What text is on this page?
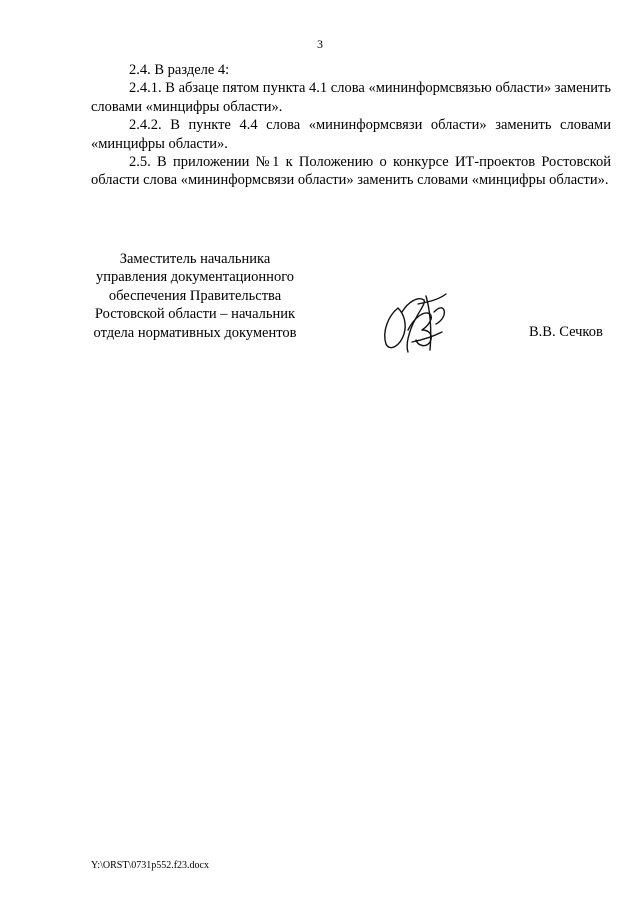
3

2.4. В разделе 4:

2.4.1. В абзаце пятом пункта 4.1 слова «мининформсвязью области» заменить словами «минцифры области».

2.4.2. В пункте 4.4 слова «мининформсвязи области» заменить словами «минцифры области».

2.5. В приложении №1 к Положению о конкурсе ИТ-проектов Ростовской области слова «мининформсвязи области» заменить словами «минцифры области».

Заместитель начальника

управления документационного

обеспечения Правительства

Ростовской области – начальник

отдела нормативных документов	В.В. Сечков
Y:\ORST\0731p552.f23.docx
